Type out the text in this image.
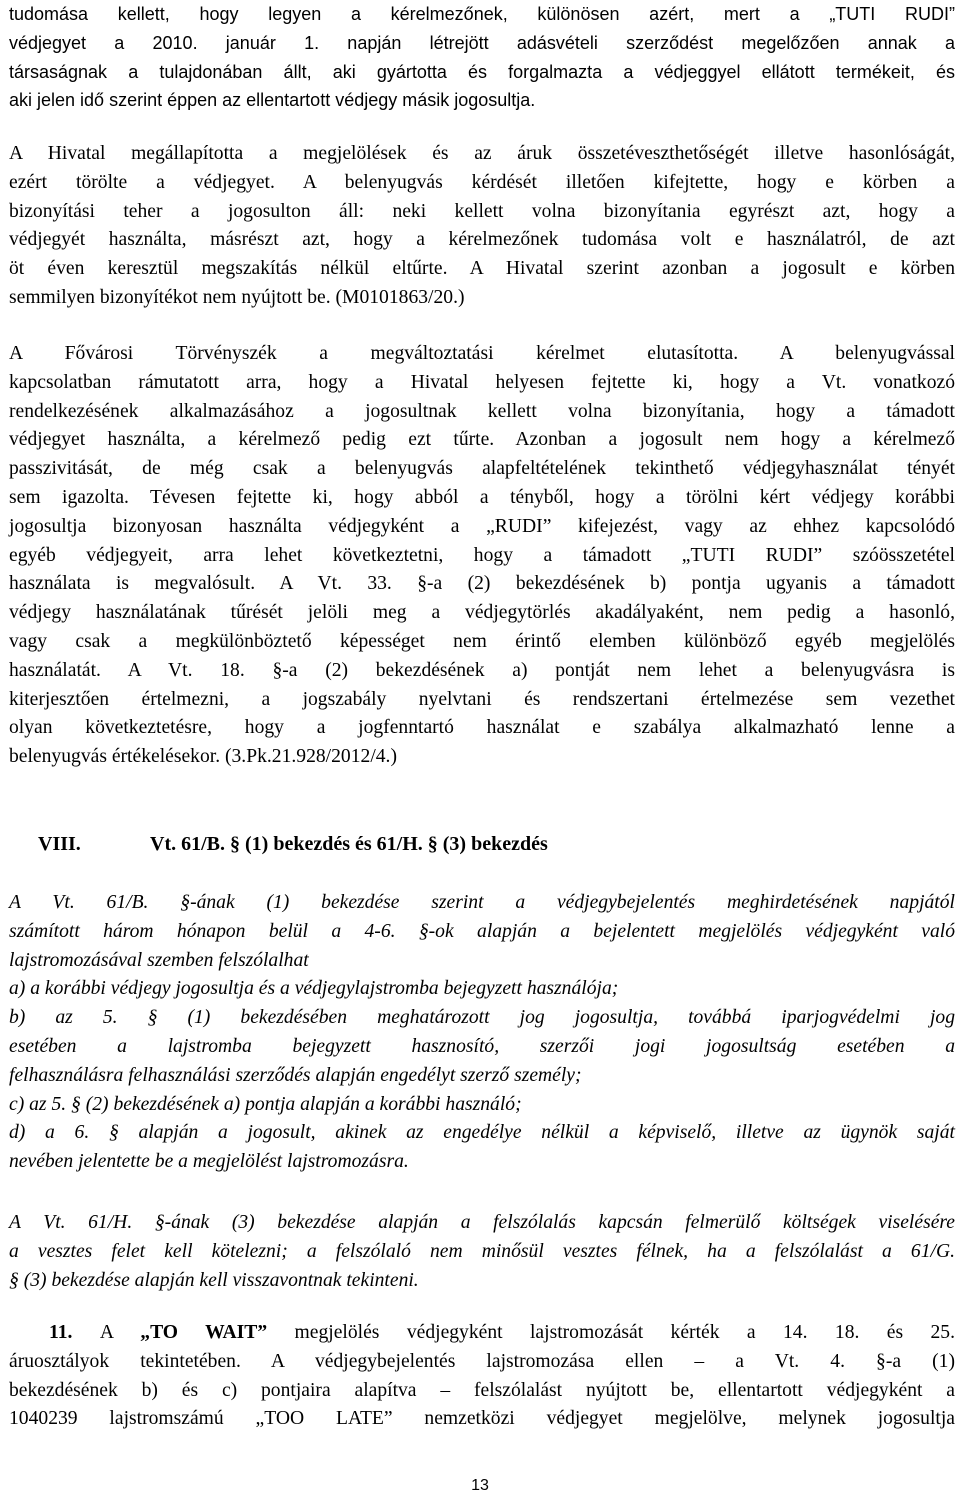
tudomása kellett, hogy legyen a kérelmezőnek, különösen azért, mert a „TUTI RUDI”
védjegyet a 2010. január 1. napján létrejött adásvételi szerződést megelőzően annak a
társaságnak a tulajdonában állt, aki gyártotta és forgalmazta a védjeggyel ellátott termékeit, és
aki jelen idő szerint éppen az ellentartott védjegy másik jogosultja.
A Hivatal megállapította a megjelölések és az áruk összetéveszthetőségét illetve hasonlóságát,
ezért törölte a védjegyet. A belenyugvás kérdését illetően kifejtette, hogy e körben a
bizonyítási teher a jogosulton áll: neki kellett volna bizonyítania egyrészt azt, hogy a
védjegyét használta, másrészt azt, hogy a kérelmezőnek tudomása volt e használatról, de azt
öt éven keresztül megszakítás nélkül eltűrte. A Hivatal szerint azonban a jogosult e körben
semmilyen bizonyítékot nem nyújtott be. (M0101863/20.)
A Fővárosi Törvényszék a megváltoztatási kérelmet elutasította. A belenyugvással
kapcsolatban rámutatott arra, hogy a Hivatal helyesen fejtette ki, hogy a Vt. vonatkozó
rendelkezésének alkalmazásához a jogosultnak kellett volna bizonyítania, hogy a támadott
védjegyet használta, a kérelmező pedig ezt tűrte. Azonban a jogosult nem hogy a kérelmező
passzivitását, de még csak a belenyugvás alapfeltételének tekinthető védjegyhasználat tényét
sem igazolta. Tévesen fejtette ki, hogy abból a tényből, hogy a törölni kért védjegy korábbi
jogosultja bizonyosan használta védjegyként a „RUDI” kifejezést, vagy az ehhez kapcsolódó
egyéb védjegyeit, arra lehet következtetni, hogy a támadott „TUTI RUDI” szóösszetétel
használata is megvalósult. A Vt. 33. §-a (2) bekezdésének b) pontja ugyanis a támadott
védjegy használatának tűrését jelöli meg a védjegytörlés akadályaként, nem pedig a hasonló,
vagy csak a megkülönböztető képességet nem érintő elemben különböző egyéb megjelölés
használatát. A Vt. 18. §-a (2) bekezdésének a) pontját nem lehet a belenyugvásra is
kiterjesztően értelmezni, a jogszabály nyelvtani és rendszertani értelmezése sem vezethet
olyan következtetésre, hogy a jogfenntartó használat e szabálya alkalmazható lenne a
belenyugvás értékelésekor. (3.Pk.21.928/2012/4.)
A Vt. 61/B. §-ának (1) bekezdése szerint a védjegybejelentés meghirdetésének napjától
számított három hónapon belül a 4-6. §-ok alapján a bejelentett megjelölés védjegyként való
lajstromozásával szemben felszólalhat
a) a korábbi védjegy jogosultja és a védjegylajstromba bejegyzett használója;
b) az 5. § (1) bekezdésében meghatározott jog jogosultja, továbbá iparjogvédelmi jog
esetében a lajstromba bejegyzett hasznosító, szerzői jogi jogosultság esetében a
felhasználásra felhasználási szerződés alapján engedélyt szerző személy;
c) az 5. § (2) bekezdésének a) pontja alapján a korábbi használó;
d) a 6. § alapján a jogosult, akinek az engedélye nélkül a képviselő, illetve az ügynök saját
nevében jelentette be a megjelölést lajstromozásra.
A Vt. 61/H. §-ának (3) bekezdése alapján a felszólalás kapcsán felmerülő költségek viselésére
a vesztes felet kell kötelezni; a felszólaló nem minősül vesztes félnek, ha a felszólalást a 61/G.
§ (3) bekezdése alapján kell visszavontnak tekinteni.
11. A „TO WAIT” megjelölés védjegyként lajstromozását kérték a 14. 18. és 25.
áruosztályok tekintetében. A védjegybejelentés lajstromozása ellen – a Vt. 4. §-a (1)
bekezdésének b) és c) pontjaira alapítva – felszólalást nyújtott be, ellentartott védjegyként a
1040239 lajstromszámú „TOO LATE” nemzetközi védjegyet megjelölve, melynek jogosultja
VIII.	Vt. 61/B. § (1) bekezdés és 61/H. § (3) bekezdés
13
